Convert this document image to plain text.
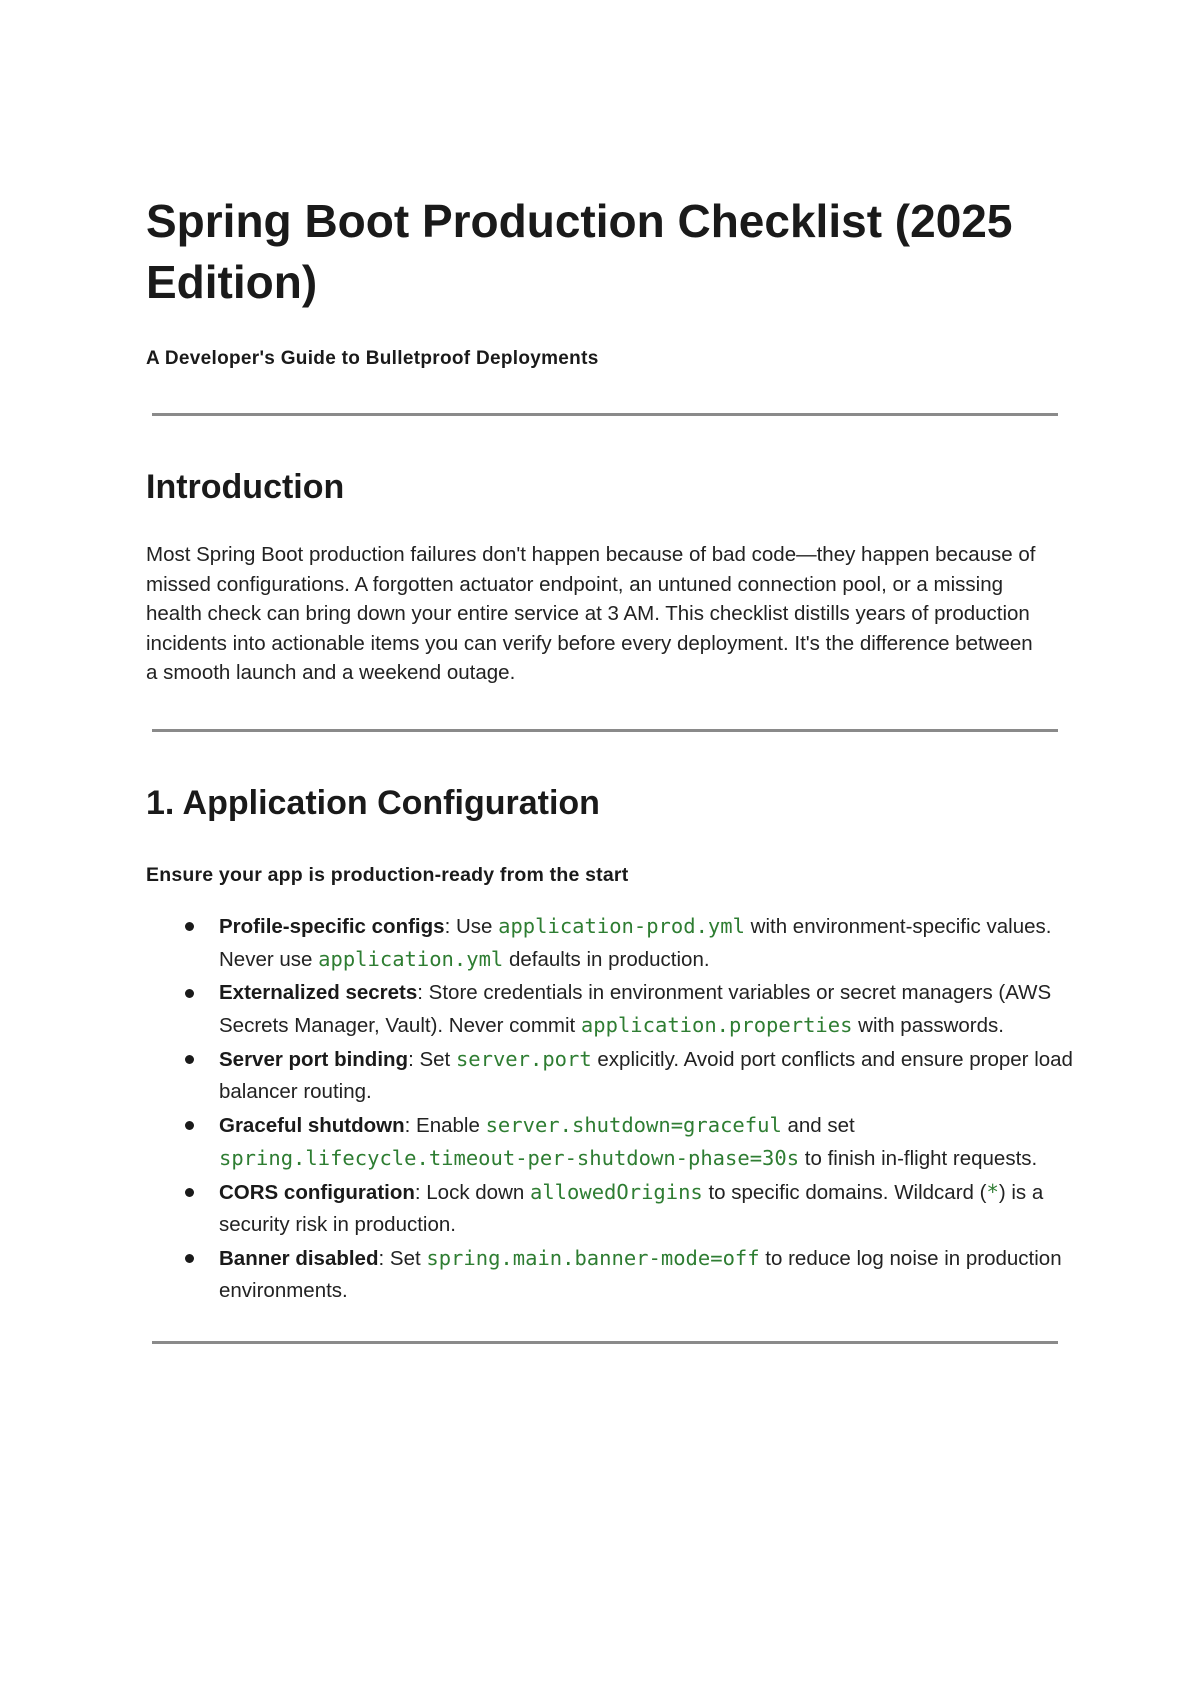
Spring Boot Production Checklist (2025 Edition)
A Developer's Guide to Bulletproof Deployments
Introduction

Most Spring Boot production failures don't happen because of bad code—they happen because of missed configurations. A forgotten actuator endpoint, an untuned connection pool, or a missing health check can bring down your entire service at 3 AM. This checklist distills years of production incidents into actionable items you can verify before every deployment. It's the difference between a smooth launch and a weekend outage.

1. Application Configuration
Ensure your app is production-ready from the start
Profile-specific configs: Use application-prod.yml with environment-specific values. Never use application.yml defaults in production.
Externalized secrets: Store credentials in environment variables or secret managers (AWS Secrets Manager, Vault). Never commit application.properties with passwords.
Server port binding: Set server.port explicitly. Avoid port conflicts and ensure proper load balancer routing.
Graceful shutdown: Enable server.shutdown=graceful and set spring.lifecycle.timeout-per-shutdown-phase=30s to finish in-flight requests.
CORS configuration: Lock down allowedOrigins to specific domains. Wildcard (*) is a security risk in production.
Banner disabled: Set spring.main.banner-mode=off to reduce log noise in production environments.
